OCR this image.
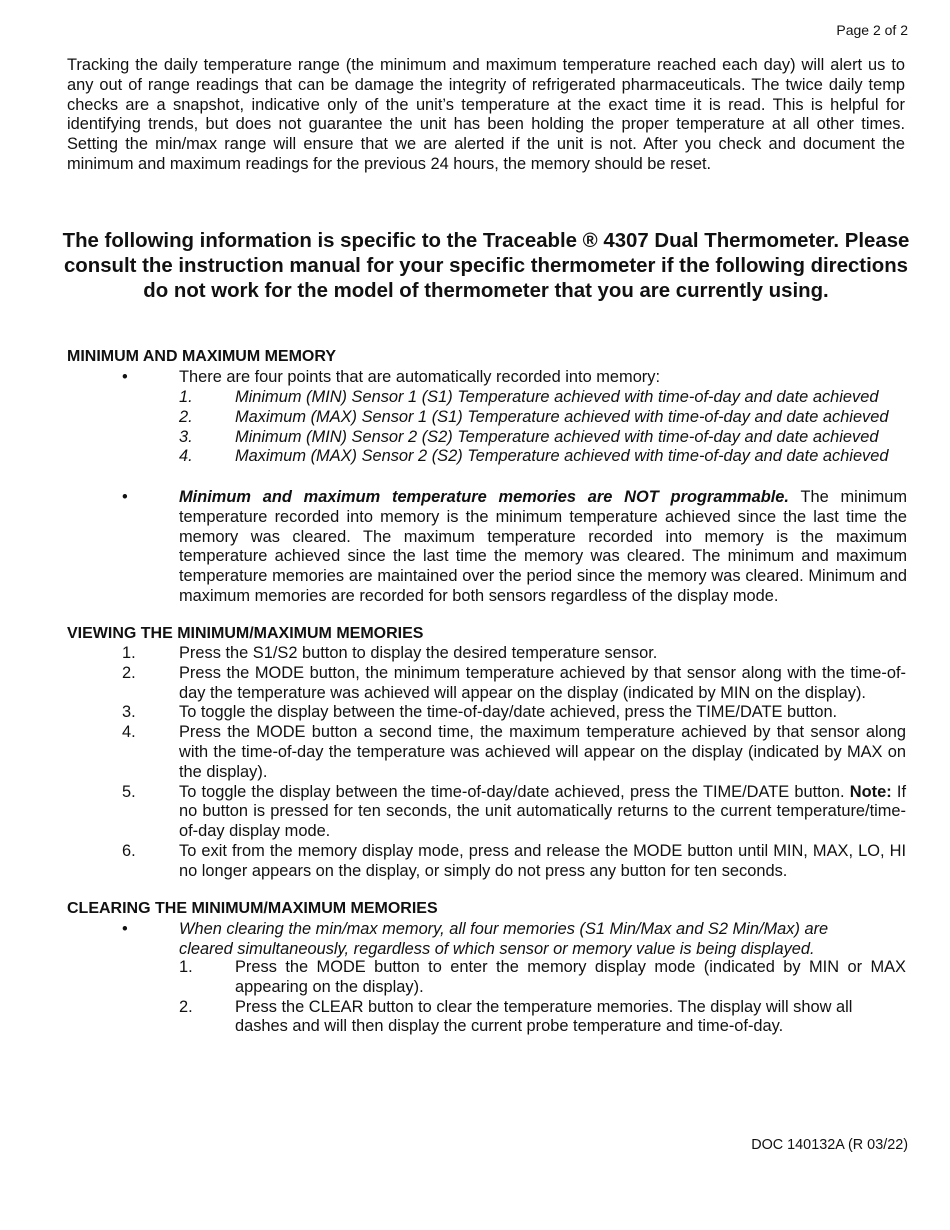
Page 2 of 2

Tracking the daily temperature range (the minimum and maximum temperature reached each day) will alert us to any out of range readings that can be damage the integrity of refrigerated pharmaceuticals. The twice daily temp checks are a snapshot, indicative only of the unit’s temperature at the exact time it is read. This is helpful for identifying trends, but does not guarantee the unit has been holding the proper temperature at all other times. Setting the min/max range will ensure that we are alerted if the unit is not. After you check and document the minimum and maximum readings for the previous 24 hours, the memory should be reset.

The following information is specific to the Traceable ® 4307 Dual Thermometer. Please consult the instruction manual for your specific thermometer if the following directions do not work for the model of thermometer that you are currently using.
MINIMUM AND MAXIMUM MEMORY
•	There are four points that are automatically recorded into memory:
1.	Minimum (MIN) Sensor 1 (S1) Temperature achieved with time-of-day and date achieved
2.	Maximum (MAX) Sensor 1 (S1) Temperature achieved with time-of-day and date achieved
3.	Minimum (MIN) Sensor 2 (S2) Temperature achieved with time-of-day and date achieved
4.	Maximum (MAX) Sensor 2 (S2) Temperature achieved with time-of-day and date achieved
•	Minimum and maximum temperature memories are NOT programmable. The minimum temperature recorded into memory is the minimum temperature achieved since the last time the memory was cleared. The maximum temperature recorded into memory is the maximum temperature achieved since the last time the memory was cleared. The minimum and maximum temperature memories are maintained over the period since the memory was cleared. Minimum and maximum memories are recorded for both sensors regardless of the display mode.
VIEWING THE MINIMUM/MAXIMUM MEMORIES
1.	Press the S1/S2 button to display the desired temperature sensor.
2.	Press the MODE button, the minimum temperature achieved by that sensor along with the time-of-day the temperature was achieved will appear on the display (indicated by MIN on the display).
3.	To toggle the display between the time-of-day/date achieved, press the TIME/DATE button.
4.	Press the MODE button a second time, the maximum temperature achieved by that sensor along with the time-of-day the temperature was achieved will appear on the display (indicated by MAX on the display).
5.	To toggle the display between the time-of-day/date achieved, press the TIME/DATE button. Note: If no button is pressed for ten seconds, the unit automatically returns to the current temperature/time-of-day display mode.
6.	To exit from the memory display mode, press and release the MODE button until MIN, MAX, LO, HI no longer appears on the display, or simply do not press any button for ten seconds.
CLEARING THE MINIMUM/MAXIMUM MEMORIES
•	When clearing the min/max memory, all four memories (S1 Min/Max and S2 Min/Max) are cleared simultaneously, regardless of which sensor or memory value is being displayed.
1.	Press the MODE button to enter the memory display mode (indicated by MIN or MAX appearing on the display).
2.	Press the CLEAR button to clear the temperature memories. The display will show all dashes and will then display the current probe temperature and time-of-day.
DOC 140132A (R 03/22)
